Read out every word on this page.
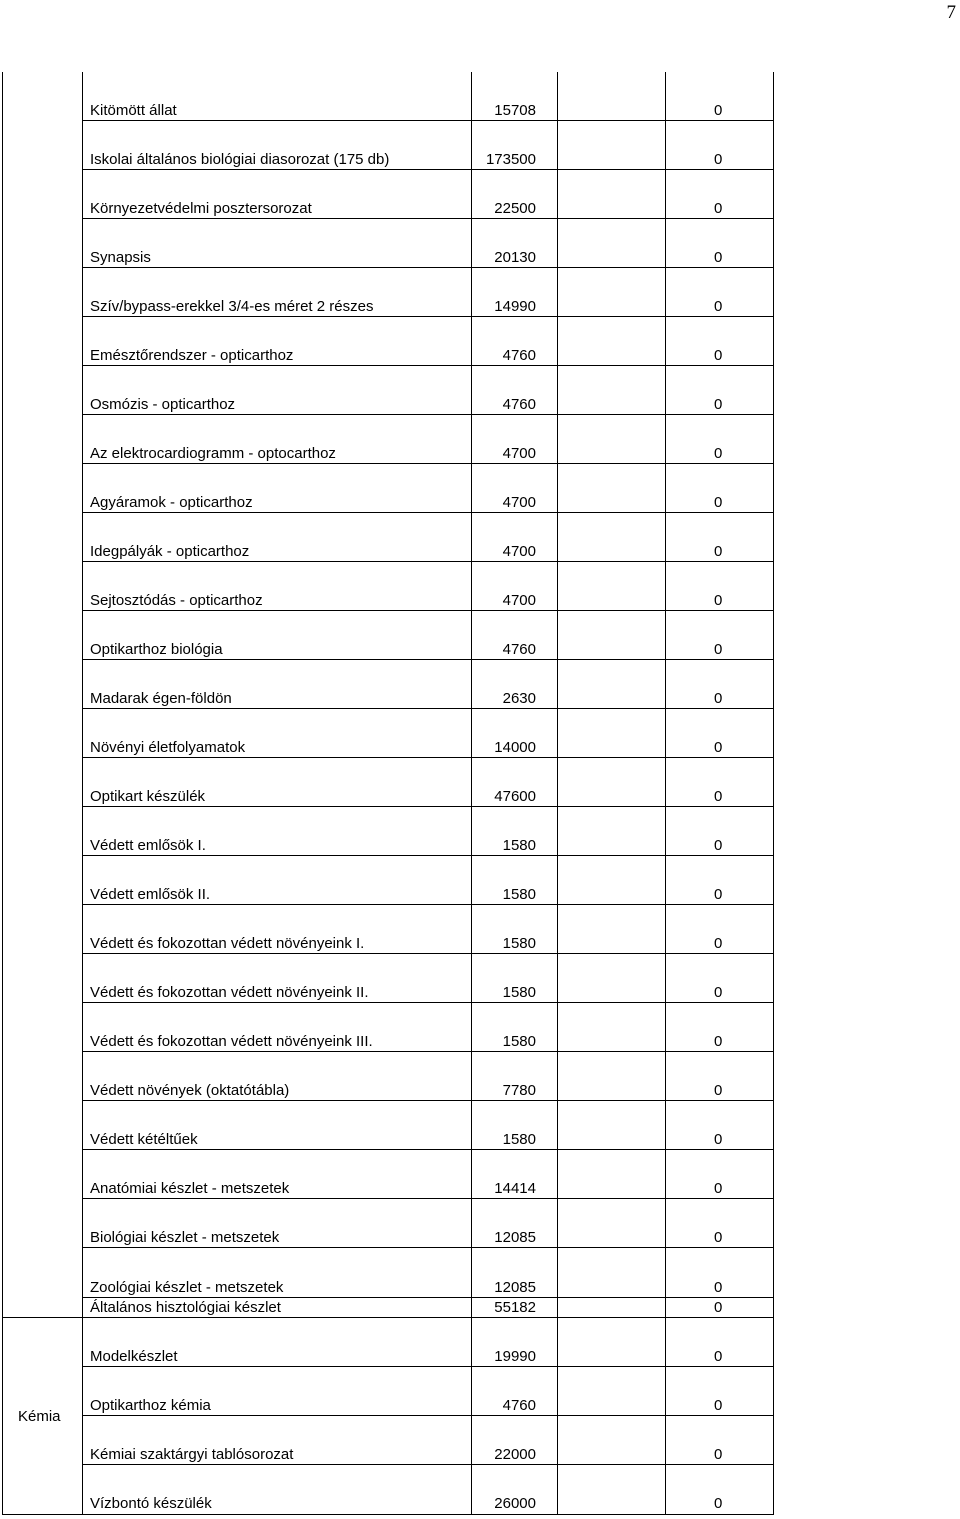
7
Kitömött állat	15708	0
Iskolai általános biológiai diasorozat (175 db)	173500	0
Környezetvédelmi posztersorozat	22500	0
Synapsis	20130	0
Szív/bypass-erekkel 3/4-es méret 2 részes	14990	0
Emésztőrendszer - opticarthoz	4760	0
Osmózis - opticarthoz	4760	0
Az elektrocardiogramm - optocarthoz	4700	0
Agyáramok - opticarthoz	4700	0
Idegpályák - opticarthoz	4700	0
Sejtosztódás - opticarthoz	4700	0
Optikarthoz biológia	4760	0
Madarak égen-földön	2630	0
Növényi életfolyamatok	14000	0
Optikart készülék	47600	0
Védett emlősök I.	1580	0
Védett emlősök II.	1580	0
Védett és fokozottan védett növényeink I.	1580	0
Védett és fokozottan védett növényeink II.	1580	0
Védett és fokozottan védett növényeink III.	1580	0
Védett növények (oktatótábla)	7780	0
Védett kétéltűek	1580	0
Anatómiai készlet - metszetek	14414	0
Biológiai készlet - metszetek	12085	0
Zoológiai készlet - metszetek	12085	0
Általános hisztológiai készlet	55182	0
Modelkészlet	19990	0
Optikarthoz kémia	4760	0
Kémiai szaktárgyi tablósorozat	22000	0
Vízbontó készülék	26000	0
Kémia
